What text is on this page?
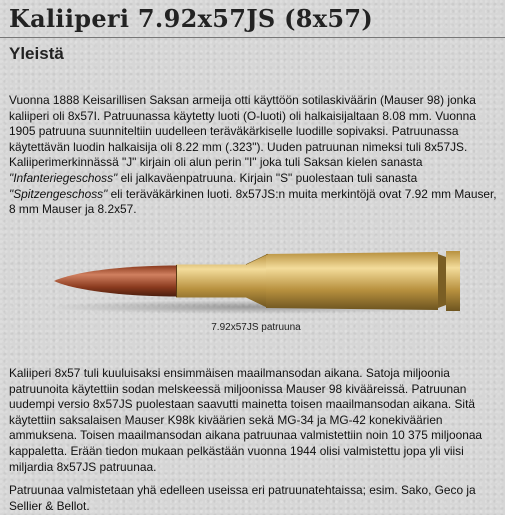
Kaliiperi 7.92x57JS (8x57)
Yleistä

Vuonna 1888 Keisarillisen Saksan armeija otti käyttöön sotilaskiväärin (Mauser 98) jonka kaliiperi oli 8x57I. Patruunassa käytetty luoti (O-luoti) oli halkaisijaltaan 8.08 mm. Vuonna 1905 patruuna suunniteltiin uudelleen teräväkärkiselle luodille sopivaksi. Patruunassa käytettävän luodin halkaisija oli 8.22 mm (.323"). Uuden patruunan nimeksi tuli 8x57JS. Kaliiperimerkinnässä "J" kirjain oli alun perin "I" joka tuli Saksan kielen sanasta "Infanteriegeschoss" eli jalkaväenpatruuna. Kirjain "S" puolestaan tuli sanasta "Spitzengeschoss" eli teräväkärkinen luoti. 8x57JS:n muita merkintöjä ovat 7.92 mm Mauser, 8 mm Mauser ja 8.2x57.

7.92x57JS patruuna

Kaliiperi 8x57 tuli kuuluisaksi ensimmäisen maailmansodan aikana. Satoja miljoonia patruunoita käytettiin sodan melskeessä miljoonissa Mauser 98 kivääreissä. Patruunan uudempi versio 8x57JS puolestaan saavutti mainetta toisen maailmansodan aikana. Sitä käytettiin saksalaisen Mauser K98k kiväärien sekä MG-34 ja MG-42 konekiväärien ammuksena. Toisen maailmansodan aikana patruunaa valmistettiin noin 10 375 miljoonaa kappaletta. Erään tiedon mukaan pelkästään vuonna 1944 olisi valmistettu jopa yli viisi miljardia 8x57JS patruunaa.

Patruunaa valmistetaan yhä edelleen useissa eri patruunatehtaissa; esim. Sako, Geco ja Sellier & Bellot.
